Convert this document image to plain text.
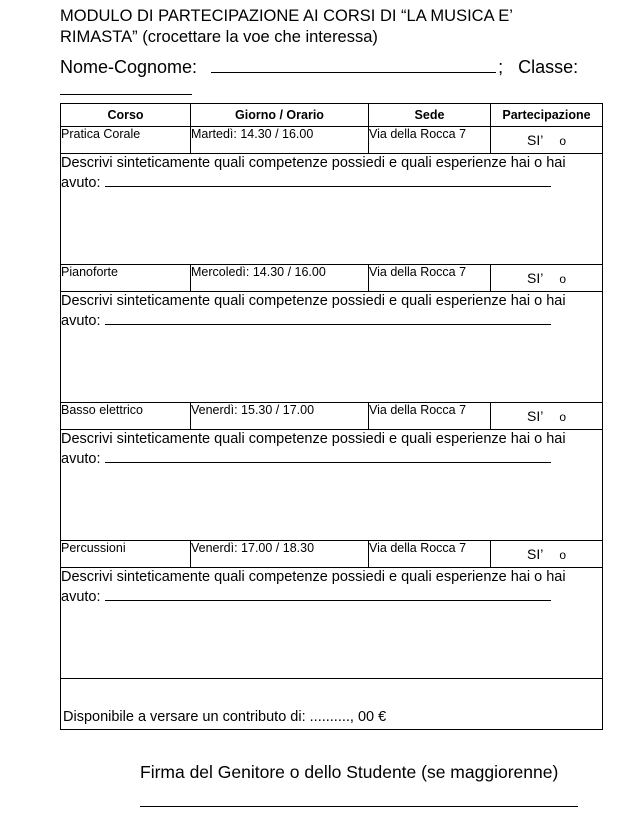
MODULO DI PARTECIPAZIONE AI CORSI DI “LA MUSICA E’
RIMASTA” (crocettare la voe che interessa)
Nome-Cognome:	; Classe:
Corso	Giorno / Orario	Sede	Partecipazione
Pratica Corale	Martedì: 14.30 / 16.00	Via della Rocca 7	SI’ o

Descrivi sinteticamente quali competenze possiedi e quali esperienze hai o hai
avuto:			
Pianoforte	Mercoledì: 14.30 / 16.00	Via della Rocca 7	SI’ o

Descrivi sinteticamente quali competenze possiedi e quali esperienze hai o hai
avuto:			
Basso elettrico	Venerdì: 15.30 / 17.00	Via della Rocca 7	SI’ o

Descrivi sinteticamente quali competenze possiedi e quali esperienze hai o hai
avuto:			
Percussioni	Venerdì: 17.00 / 18.30	Via della Rocca 7	SI’ o

Descrivi sinteticamente quali competenze possiedi e quali esperienze hai o hai
avuto:			
Disponibile a versare un contributo di: .........., 00 €			
Firma del Genitore o dello Studente (se maggiorenne)
